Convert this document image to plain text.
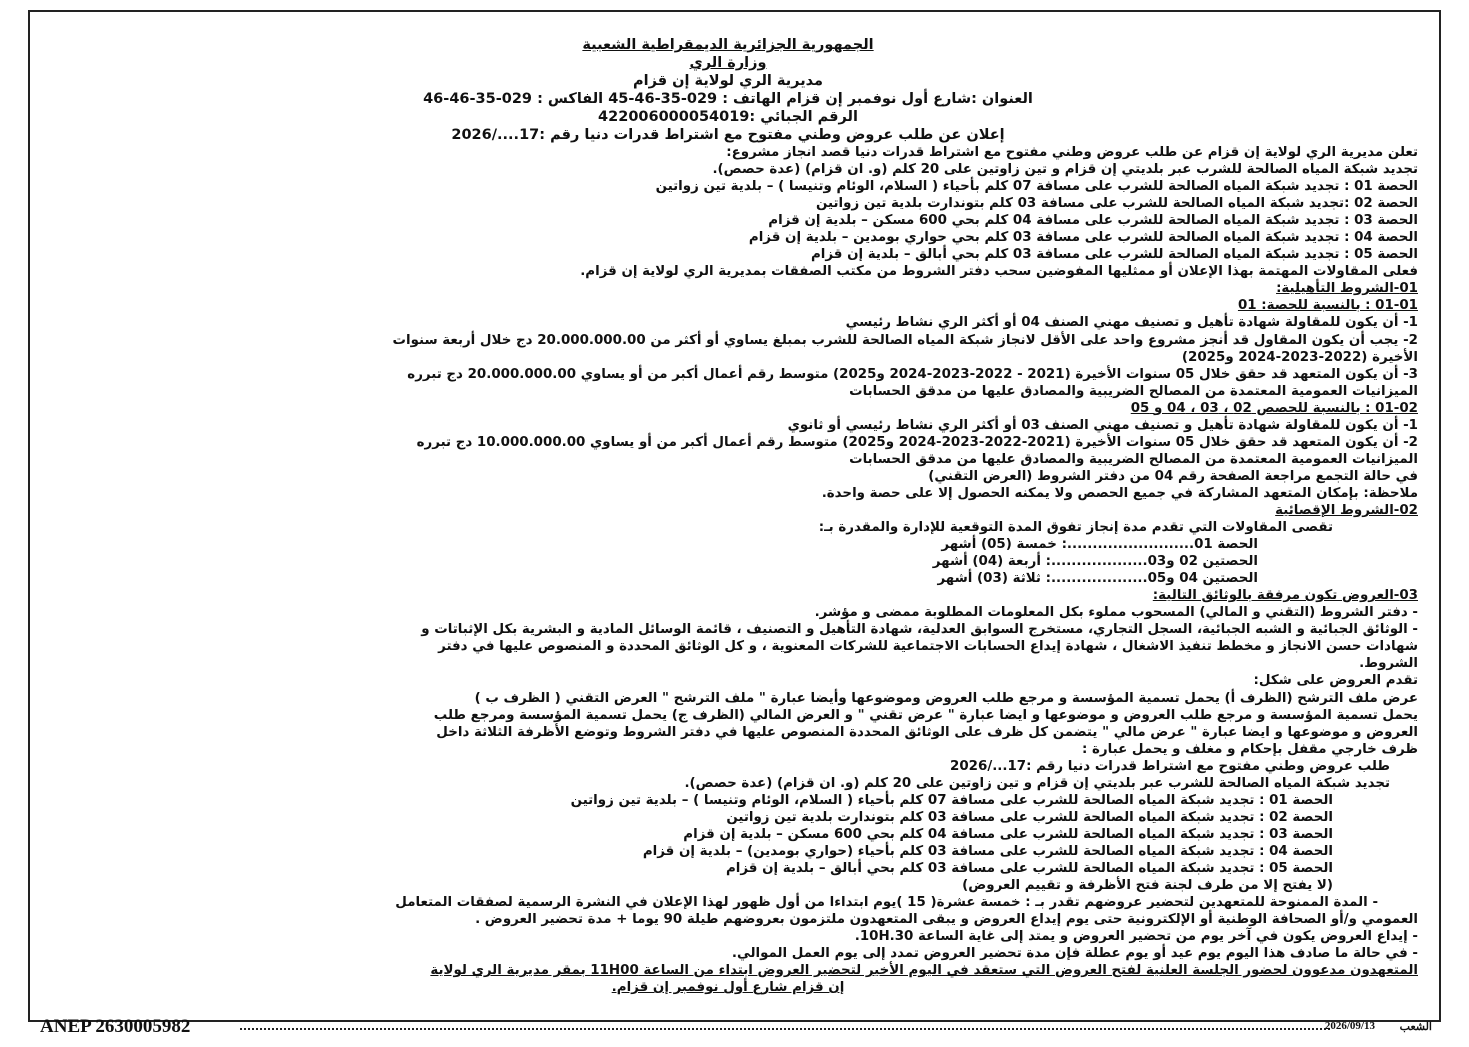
الجمهورية الجزائرية الديمقراطية الشعبية
وزارة الري
مديرية الري لولاية إن قزام
العنوان :شارع أول نوفمبر إن قزام الهاتف : 029-35-46-45 الفاكس : 029-35-46-46
الرقم الجبائي :422006000054019
إعلان عن طلب عروض وطني مفتوح مع اشتراط قدرات دنيا رقم :17..../2026
تعلن مديرية الري لولاية إن قزام عن طلب عروض وطني مفتوح مع اشتراط قدرات دنيا قصد انجاز مشروع:
تجديد شبكة المياه الصالحة للشرب عبر بلديتي إن قزام و تين زاوتين على 20 كلم (و. ان قزام) (عدة حصص).
الحصة 01 : تجديد شبكة المياه الصالحة للشرب على مسافة 07 كلم بأحياء ( السلام، الوئام وتنيسا ) – بلدية تين زواتين
الحصة 02 :تجديد شبكة المياه الصالحة للشرب على مسافة 03 كلم بتوندارت بلدية تين زواتين
الحصة 03 : تجديد شبكة المياه الصالحة للشرب على مسافة 04 كلم بحي 600 مسكن – بلدية إن قزام
الحصة 04 : تجديد شبكة المياه الصالحة للشرب على مسافة 03 كلم بحي حواري بومدين – بلدية إن قزام
الحصة 05 : تجديد شبكة المياه الصالحة للشرب على مسافة 03 كلم بحي أبالق – بلدية إن قزام
فعلى المقاولات المهتمة بهذا الإعلان أو ممثليها المفوضين سحب دفتر الشروط من مكتب الصفقات بمديرية الري لولاية إن قزام.
01-الشروط التأهيلية:
01-01 : بالنسبة للحصة: 01
1- أن يكون للمقاولة شهادة تأهيل و تصنيف مهني الصنف 04 أو أكثر الري نشاط رئيسي
2- يجب أن يكون المقاول قد أنجز مشروع واحد على الأقل لانجاز شبكة المياه الصالحة للشرب بمبلغ يساوي أو أكثر من 20.000.000.00 دج خلال أربعة سنوات
الأخيرة (2022-2023-2024 و2025)
3- أن يكون المتعهد قد حقق خلال 05 سنوات الأخيرة (2021 - 2022-2023-2024 و2025) متوسط رقم أعمال أكبر من أو يساوي 20.000.000.00 دج تبرره
الميزانيات العمومية المعتمدة من المصالح الضريبية والمصادق عليها من مدقق الحسابات
01-02 : بالنسبة للحصص 02 ، 03 ، 04 و 05
1- أن يكون للمقاولة شهادة تأهيل و تصنيف مهني الصنف 03 أو أكثر الري نشاط رئيسي أو ثانوي
2- أن يكون المتعهد قد حقق خلال 05 سنوات الأخيرة (2021-2022-2023-2024 و2025) متوسط رقم أعمال أكبر من أو يساوي 10.000.000.00 دج تبرره
الميزانيات العمومية المعتمدة من المصالح الضريبية والمصادق عليها من مدقق الحسابات
في حالة التجمع مراجعة الصفحة رقم 04 من دفتر الشروط (العرض التقني)
ملاحظة: بإمكان المتعهد المشاركة في جميع الحصص ولا يمكنه الحصول إلا على حصة واحدة.
02-الشروط الإقصائية
تقصى المقاولات التي تقدم مدة إنجاز تفوق المدة التوقعية للإدارة والمقدرة بـ:
الحصة 01.........................: خمسة (05) أشهر
الحصتين 02 و03...................: أربعة (04) أشهر
الحصتين 04 و05...................: ثلاثة (03) أشهر
03-العروض تكون مرفقة بالوثائق التالية:
- دفتر الشروط (التقني و المالي) المسحوب مملوء بكل المعلومات المطلوبة ممضى و مؤشر.
- الوثائق الجبائية و الشبه الجبائية، السجل التجاري، مستخرج السوابق العدلية، شهادة التأهيل و التصنيف ، قائمة الوسائل المادية و البشرية بكل الإثباتات و
شهادات حسن الانجاز و مخطط تنفيذ الاشغال ، شهادة إيداع الحسابات الاجتماعية للشركات المعنوية ، و كل الوثائق المحددة و المنصوص عليها في دفتر
الشروط.
تقدم العروض على شكل:
عرض ملف الترشح (الظرف أ) يحمل تسمية المؤسسة و مرجع طلب العروض وموضوعها وأيضا عبارة " ملف الترشح " العرض التقني ( الظرف ب )
يحمل تسمية المؤسسة و مرجع طلب العروض و موضوعها و ايضا عبارة " عرض تقني " و العرض المالي (الظرف ج) يحمل تسمية المؤسسة ومرجع طلب
العروض و موضوعها و ايضا عبارة " عرض مالي " يتضمن كل ظرف على الوثائق المحددة المنصوص عليها في دفتر الشروط وتوضع الأظرفة الثلاثة داخل
ظرف خارجي مقفل بإحكام و مغلف و يحمل عبارة :
طلب عروض وطني مفتوح مع اشتراط قدرات دنيا رقم :17.../2026
تجديد شبكة المياه الصالحة للشرب عبر بلديتي إن قزام و تين زاوتين على 20 كلم (و. ان قزام) (عدة حصص).
الحصة 01 : تجديد شبكة المياه الصالحة للشرب على مسافة 07 كلم بأحياء ( السلام، الوئام وتنيسا ) – بلدية تين زواتين
الحصة 02 : تجديد شبكة المياه الصالحة للشرب على مسافة 03 كلم بتوندارت بلدية تين زواتين
الحصة 03 : تجديد شبكة المياه الصالحة للشرب على مسافة 04 كلم بحي 600 مسكن – بلدية إن قزام
الحصة 04 : تجديد شبكة المياه الصالحة للشرب على مسافة 03 كلم بأحياء (حواري بومدين) – بلدية إن قزام
الحصة 05 : تجديد شبكة المياه الصالحة للشرب على مسافة 03 كلم بحي أبالق – بلدية إن قزام
(لا يفتح إلا من طرف لجنة فتح الأظرفة و تقييم العروض)
- المدة الممنوحة للمتعهدين لتحضير عروضهم تقدر بـ : خمسة عشرة( 15 )يوم ابتداءا من أول ظهور لهذا الإعلان في النشرة الرسمية لصفقات المتعامل
العمومي و/أو الصحافة الوطنية أو الإلكترونية حتى يوم إيداع العروض و يبقى المتعهدون ملتزمون بعروضهم طيلة 90 يوما + مدة تحضير العروض .
- إيداع العروض يكون في آخر يوم من تحضير العروض و يمتد إلى غاية الساعة 10H.30.
- في حالة ما صادف هذا اليوم يوم عيد أو يوم عطلة فإن مدة تحضير العروض تمدد إلى يوم العمل الموالي.
المتعهدون مدعوون لحضور الجلسة العلنية لفتح العروض التي ستعقد في اليوم الأخير لتحضير العروض ابتداء من الساعة 11H00 بمقر مديرية الري لولاية
إن قزام شارع أول نوفمبر إن قزام.
ANEP 2630005982	2026/09/13 الشعب
